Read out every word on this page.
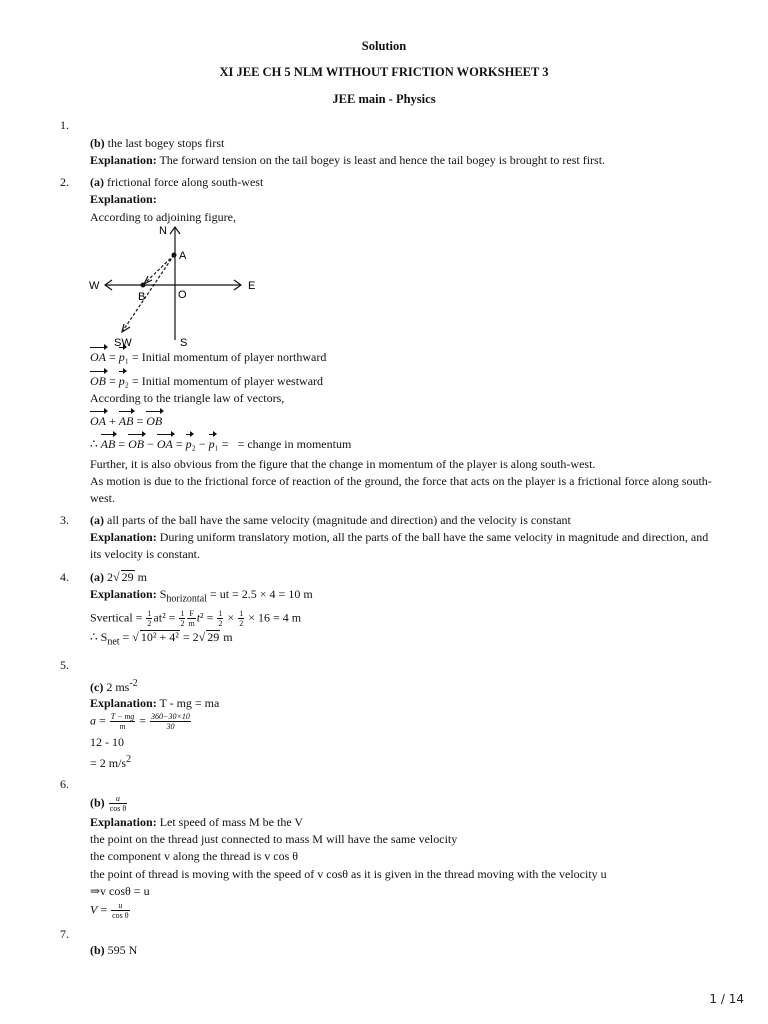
Solution
XI JEE CH 5 NLM WITHOUT FRICTION WORKSHEET 3
JEE main - Physics
1.
(b) the last bogey stops first
Explanation: The forward tension on the tail bogey is least and hence the tail bogey is brought to rest first.
2. (a) frictional force along south-west
Explanation:
According to adjoining figure,
N
A
W	E
B	O
SW	S
OA = p₁ = Initial momentum of player northward
OB = p₂ = Initial momentum of player westward
According to the triangle law of vectors,
OA + AB = OB
∴ AB = OB − OA = p₂ − p₁ =   = change in momentum
Further, it is also obvious from the figure that the change in momentum of the player is along south-west.
As motion is due to the frictional force of reaction of the ground, the force that acts on the player is a frictional force along south-west.
3. (a) all parts of the ball have the same velocity (magnitude and direction) and the velocity is constant
Explanation: During uniform translatory motion, all the parts of the ball have the same velocity in magnitude and direction, and its velocity is constant.
4. (a) 2√ 29 m
Explanation: $S_{horizontal}$ = ut = 2.5 × 4 = 10 m
Svertical = $\frac{1}{2} at^2 = \frac{1}{2} \frac{F}{m} t^2 = \frac{1}{2} \times \frac{1}{2} \times 16 = 4$ m
∴ $S_{net}$ = √ 10² + 4² = 2√ 29 m
5.
(c) 2 $ms^{-2}$
Explanation: T - mg = ma
$a = \frac{T - mg}{m} = \frac{360-30\times 10}{30}$
12 - 10
= 2 $m/s^2$
6.
$(b) \frac{u}{\text{cos θ}}$
Explanation: Let speed of mass M be the V
the point on the thread just connected to mass M will have the same velocity
the component v along the thread is v cos θ
the point of thread is moving with the speed of v cosθ as it is given in the thread moving with the velocity u
⇒v cosθ = u
$V = \frac{u}{\text{cos θ}}$
7.
(b) 595 N
1 / 14
